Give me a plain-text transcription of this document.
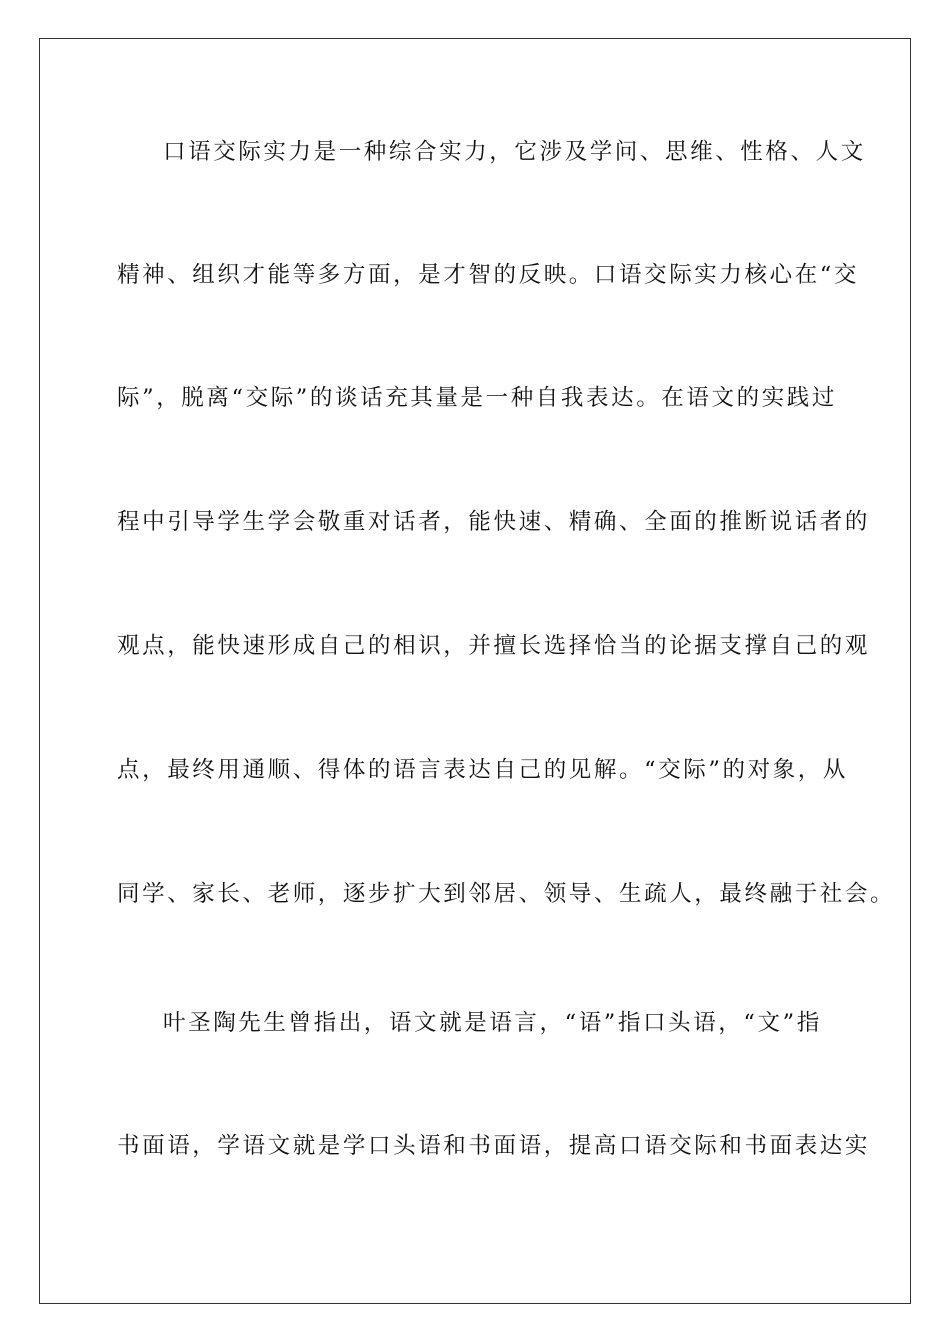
口语交际实力是一种综合实力，它涉及学问、思维、性格、人文
精神、组织才能等多方面，是才智的反映。口语交际实力核心在“交
际”，脱离“交际”的谈话充其量是一种自我表达。在语文的实践过
程中引导学生学会敬重对话者，能快速、精确、全面的推断说话者的
观点，能快速形成自己的相识，并擅长选择恰当的论据支撑自己的观
点，最终用通顺、得体的语言表达自己的见解。“交际”的对象，从
同学、家长、老师，逐步扩大到邻居、领导、生疏人，最终融于社会。
叶圣陶先生曾指出，语文就是语言，“语”指口头语，“文”指
书面语，学语文就是学口头语和书面语，提高口语交际和书面表达实
